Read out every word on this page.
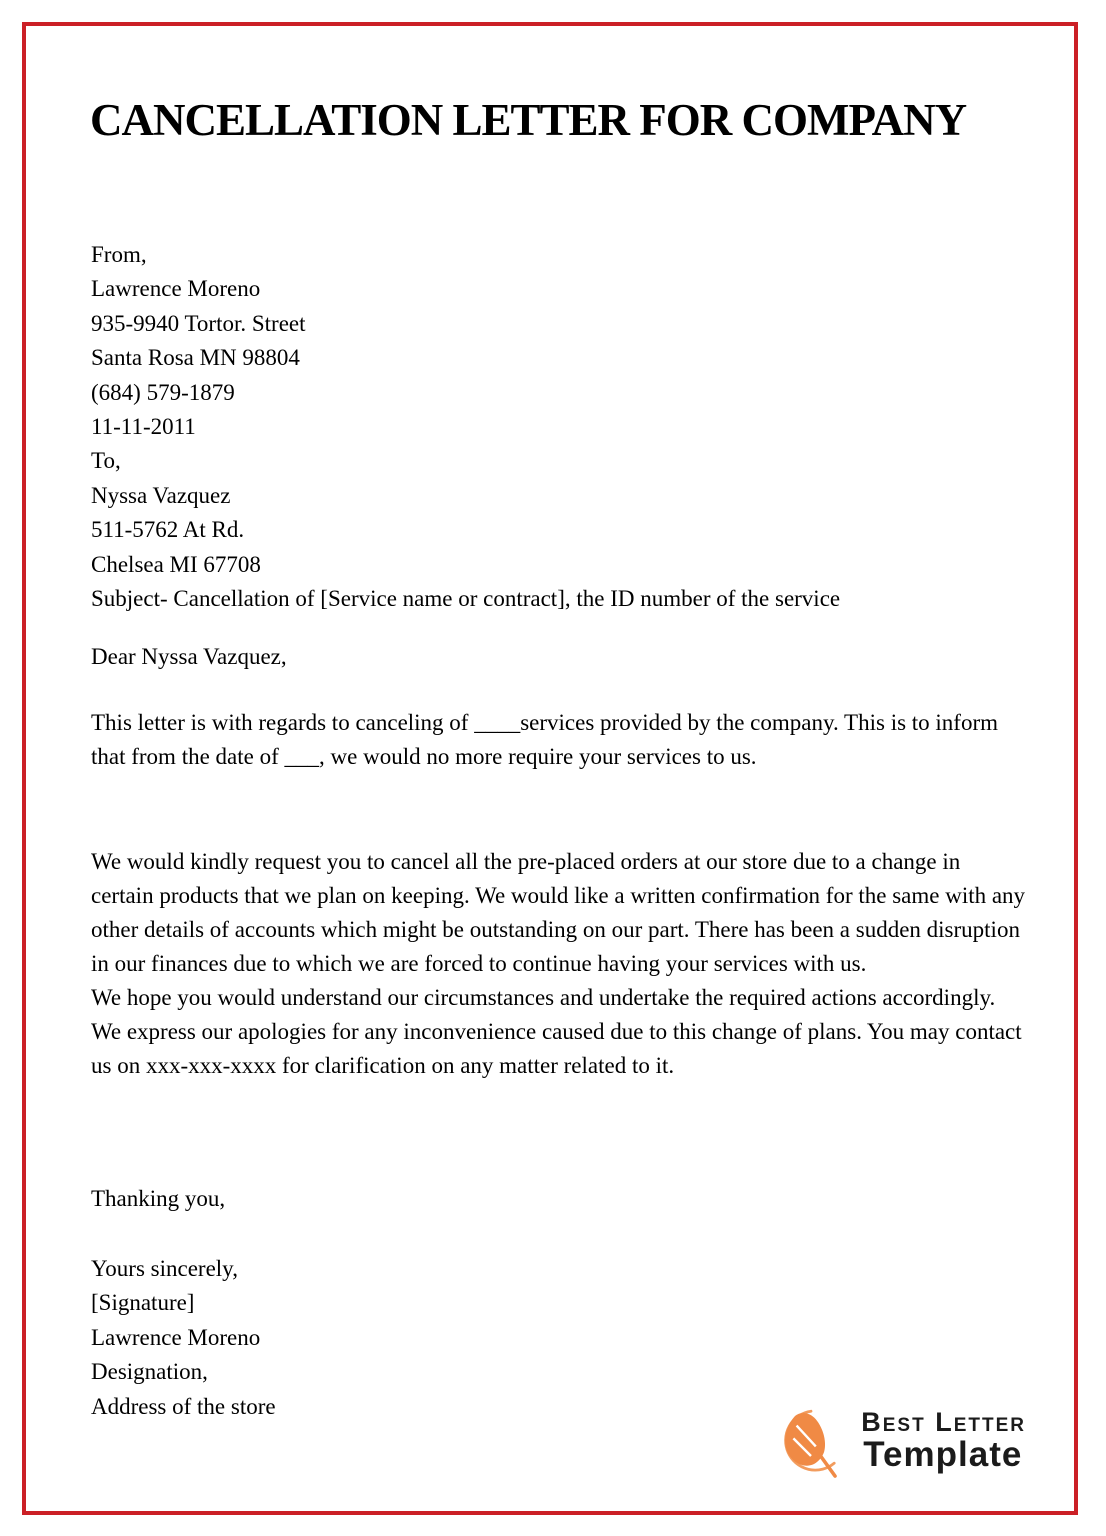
CANCELLATION LETTER FOR COMPANY
From,
Lawrence Moreno
935-9940 Tortor. Street
Santa Rosa MN 98804
(684) 579-1879
11-11-2011
To,
Nyssa Vazquez
511-5762 At Rd.
Chelsea MI 67708
Subject- Cancellation of [Service name or contract], the ID number of the service
Dear Nyssa Vazquez,

This letter is with regards to canceling of ____services provided by the company. This is to inform that from the date of ___, we would no more require your services to us.

We would kindly request you to cancel all the pre-placed orders at our store due to a change in certain products that we plan on keeping. We would like a written confirmation for the same with any other details of accounts which might be outstanding on our part. There has been a sudden disruption in our finances due to which we are forced to continue having your services with us.

We hope you would understand our circumstances and undertake the required actions accordingly. We express our apologies for any inconvenience caused due to this change of plans. You may contact us on xxx-xxx-xxxx for clarification on any matter related to it.

Thanking you,
Yours sincerely,
[Signature]
Lawrence Moreno
Designation,
Address of the store
Best Letter
Template
